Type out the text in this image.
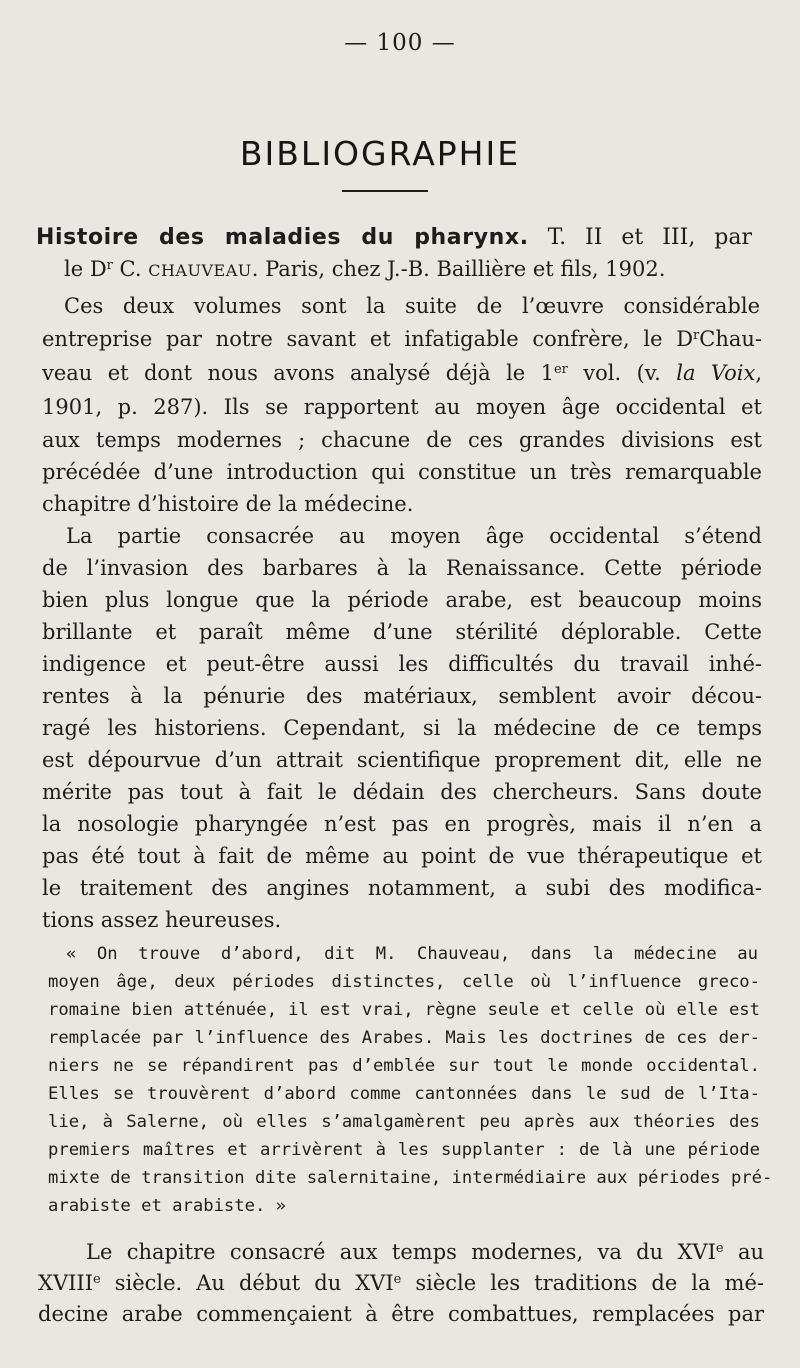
— 100 —
BIBLIOGRAPHIE
Histoire des maladies du pharynx. T. II et III, par
le $D^r$ C. CHAUVEAU. Paris, chez J.-B. Baillière et fils, 1902.
Ces deux volumes sont la suite de l’œuvre considérable
entreprise par notre savant et infatigable confrère, le $D^rChau-$
veau et dont nous avons analysé déjà le 1er vol. (v. la Voix,
1901, p. 287). Ils se rapportent au moyen âge occidental et
aux temps modernes ; chacune de ces grandes divisions est
précédée d’une introduction qui constitue un très remarquable
chapitre d’histoire de la médecine.
La partie consacrée au moyen âge occidental s’étend
de l’invasion des barbares à la Renaissance. Cette période
bien plus longue que la période arabe, est beaucoup moins
brillante et paraît même d’une stérilité déplorable. Cette
indigence et peut-être aussi les difficultés du travail inhé-
rentes à la pénurie des matériaux, semblent avoir décou-
ragé les historiens. Cependant, si la médecine de ce temps
est dépourvue d’un attrait scientifique proprement dit, elle ne
mérite pas tout à fait le dédain des chercheurs. Sans doute
la nosologie pharyngée n’est pas en progrès, mais il n’en a
pas été tout à fait de même au point de vue thérapeutique et
le traitement des angines notamment, a subi des modifica-
tions assez heureuses.
« On trouve d’abord, dit M. Chauveau, dans la médecine au
moyen âge, deux périodes distinctes, celle où l’influence greco-
romaine bien atténuée, il est vrai, règne seule et celle où elle est
remplacée par l’influence des Arabes. Mais les doctrines de ces der-
niers ne se répandirent pas d’emblée sur tout le monde occidental.
Elles se trouvèrent d’abord comme cantonnées dans le sud de l’Ita-
lie, à Salerne, où elles s’amalgamèrent peu après aux théories des
premiers maîtres et arrivèrent à les supplanter : de là une période
mixte de transition dite salernitaine, intermédiaire aux périodes pré-
arabiste et arabiste. »
Le chapitre consacré aux temps modernes, va du XVIe au
XVIIIe siècle. Au début du XVIe siècle les traditions de la mé-
decine arabe commençaient à être combattues, remplacées par
